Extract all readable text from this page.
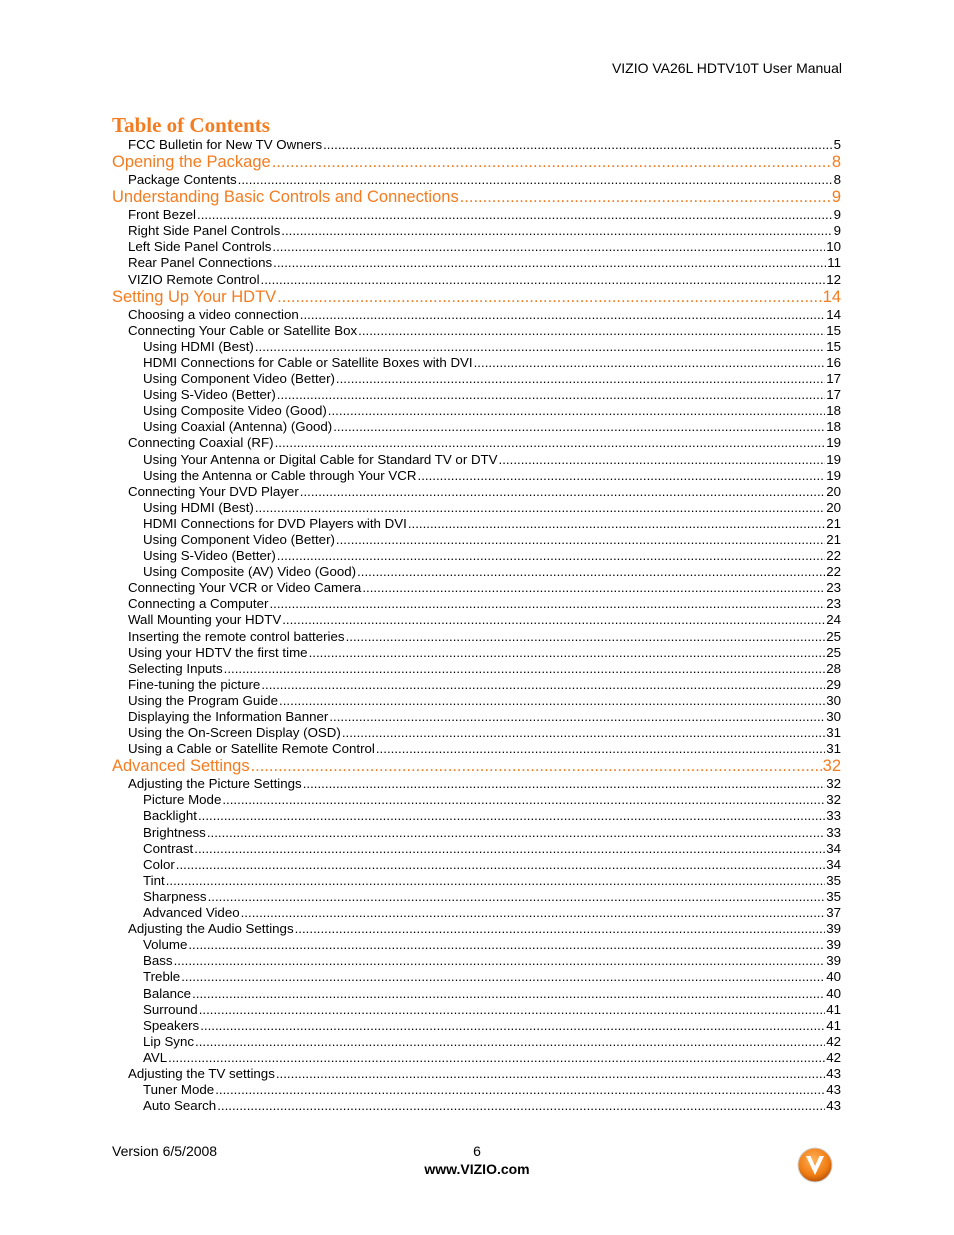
VIZIO VA26L HDTV10T User Manual
Table of Contents
FCC Bulletin for New TV Owners .....	5
Opening the Package .....	8
Package Contents .....	8
Understanding Basic Controls and Connections .....	9
Front Bezel .....	9
Right Side Panel Controls .....	9
Left Side Panel Controls .....	10
Rear Panel Connections .....	11
VIZIO Remote Control .....	12
Setting Up Your HDTV .....	14
Choosing a video connection .....	14
Connecting Your Cable or Satellite Box .....	15
Using HDMI (Best) .....	15
HDMI Connections for Cable or Satellite Boxes with DVI .....	16
Using Component Video (Better) .....	17
Using S-Video (Better) .....	17
Using Composite Video (Good) .....	18
Using Coaxial (Antenna) (Good) .....	18
Connecting Coaxial (RF) .....	19
Using Your Antenna or Digital Cable for Standard TV or DTV .....	19
Using the Antenna or Cable through Your VCR .....	19
Connecting Your DVD Player .....	20
Using HDMI (Best) .....	20
HDMI Connections for DVD Players with DVI .....	21
Using Component Video (Better) .....	21
Using S-Video (Better) .....	22
Using Composite (AV) Video (Good) .....	22
Connecting Your VCR or Video Camera .....	23
Connecting a Computer .....	23
Wall Mounting your HDTV .....	24
Inserting the remote control batteries .....	25
Using your HDTV the first time .....	25
Selecting Inputs .....	28
Fine-tuning the picture .....	29
Using the Program Guide .....	30
Displaying the Information Banner .....	30
Using the On-Screen Display (OSD) .....	31
Using a Cable or Satellite Remote Control .....	31
Advanced Settings .....	32
Adjusting the Picture Settings .....	32
Picture Mode .....	32
Backlight .....	33
Brightness .....	33
Contrast .....	34
Color .....	34
Tint .....	35
Sharpness .....	35
Advanced Video .....	37
Adjusting the Audio Settings .....	39
Volume .....	39
Bass .....	39
Treble .....	40
Balance .....	40
Surround .....	41
Speakers .....	41
Lip Sync .....	42
AVL .....	42
Adjusting the TV settings .....	43
Tuner Mode .....	43
Auto Search .....	43
Version 6/5/2008	6
www.VIZIO.com
